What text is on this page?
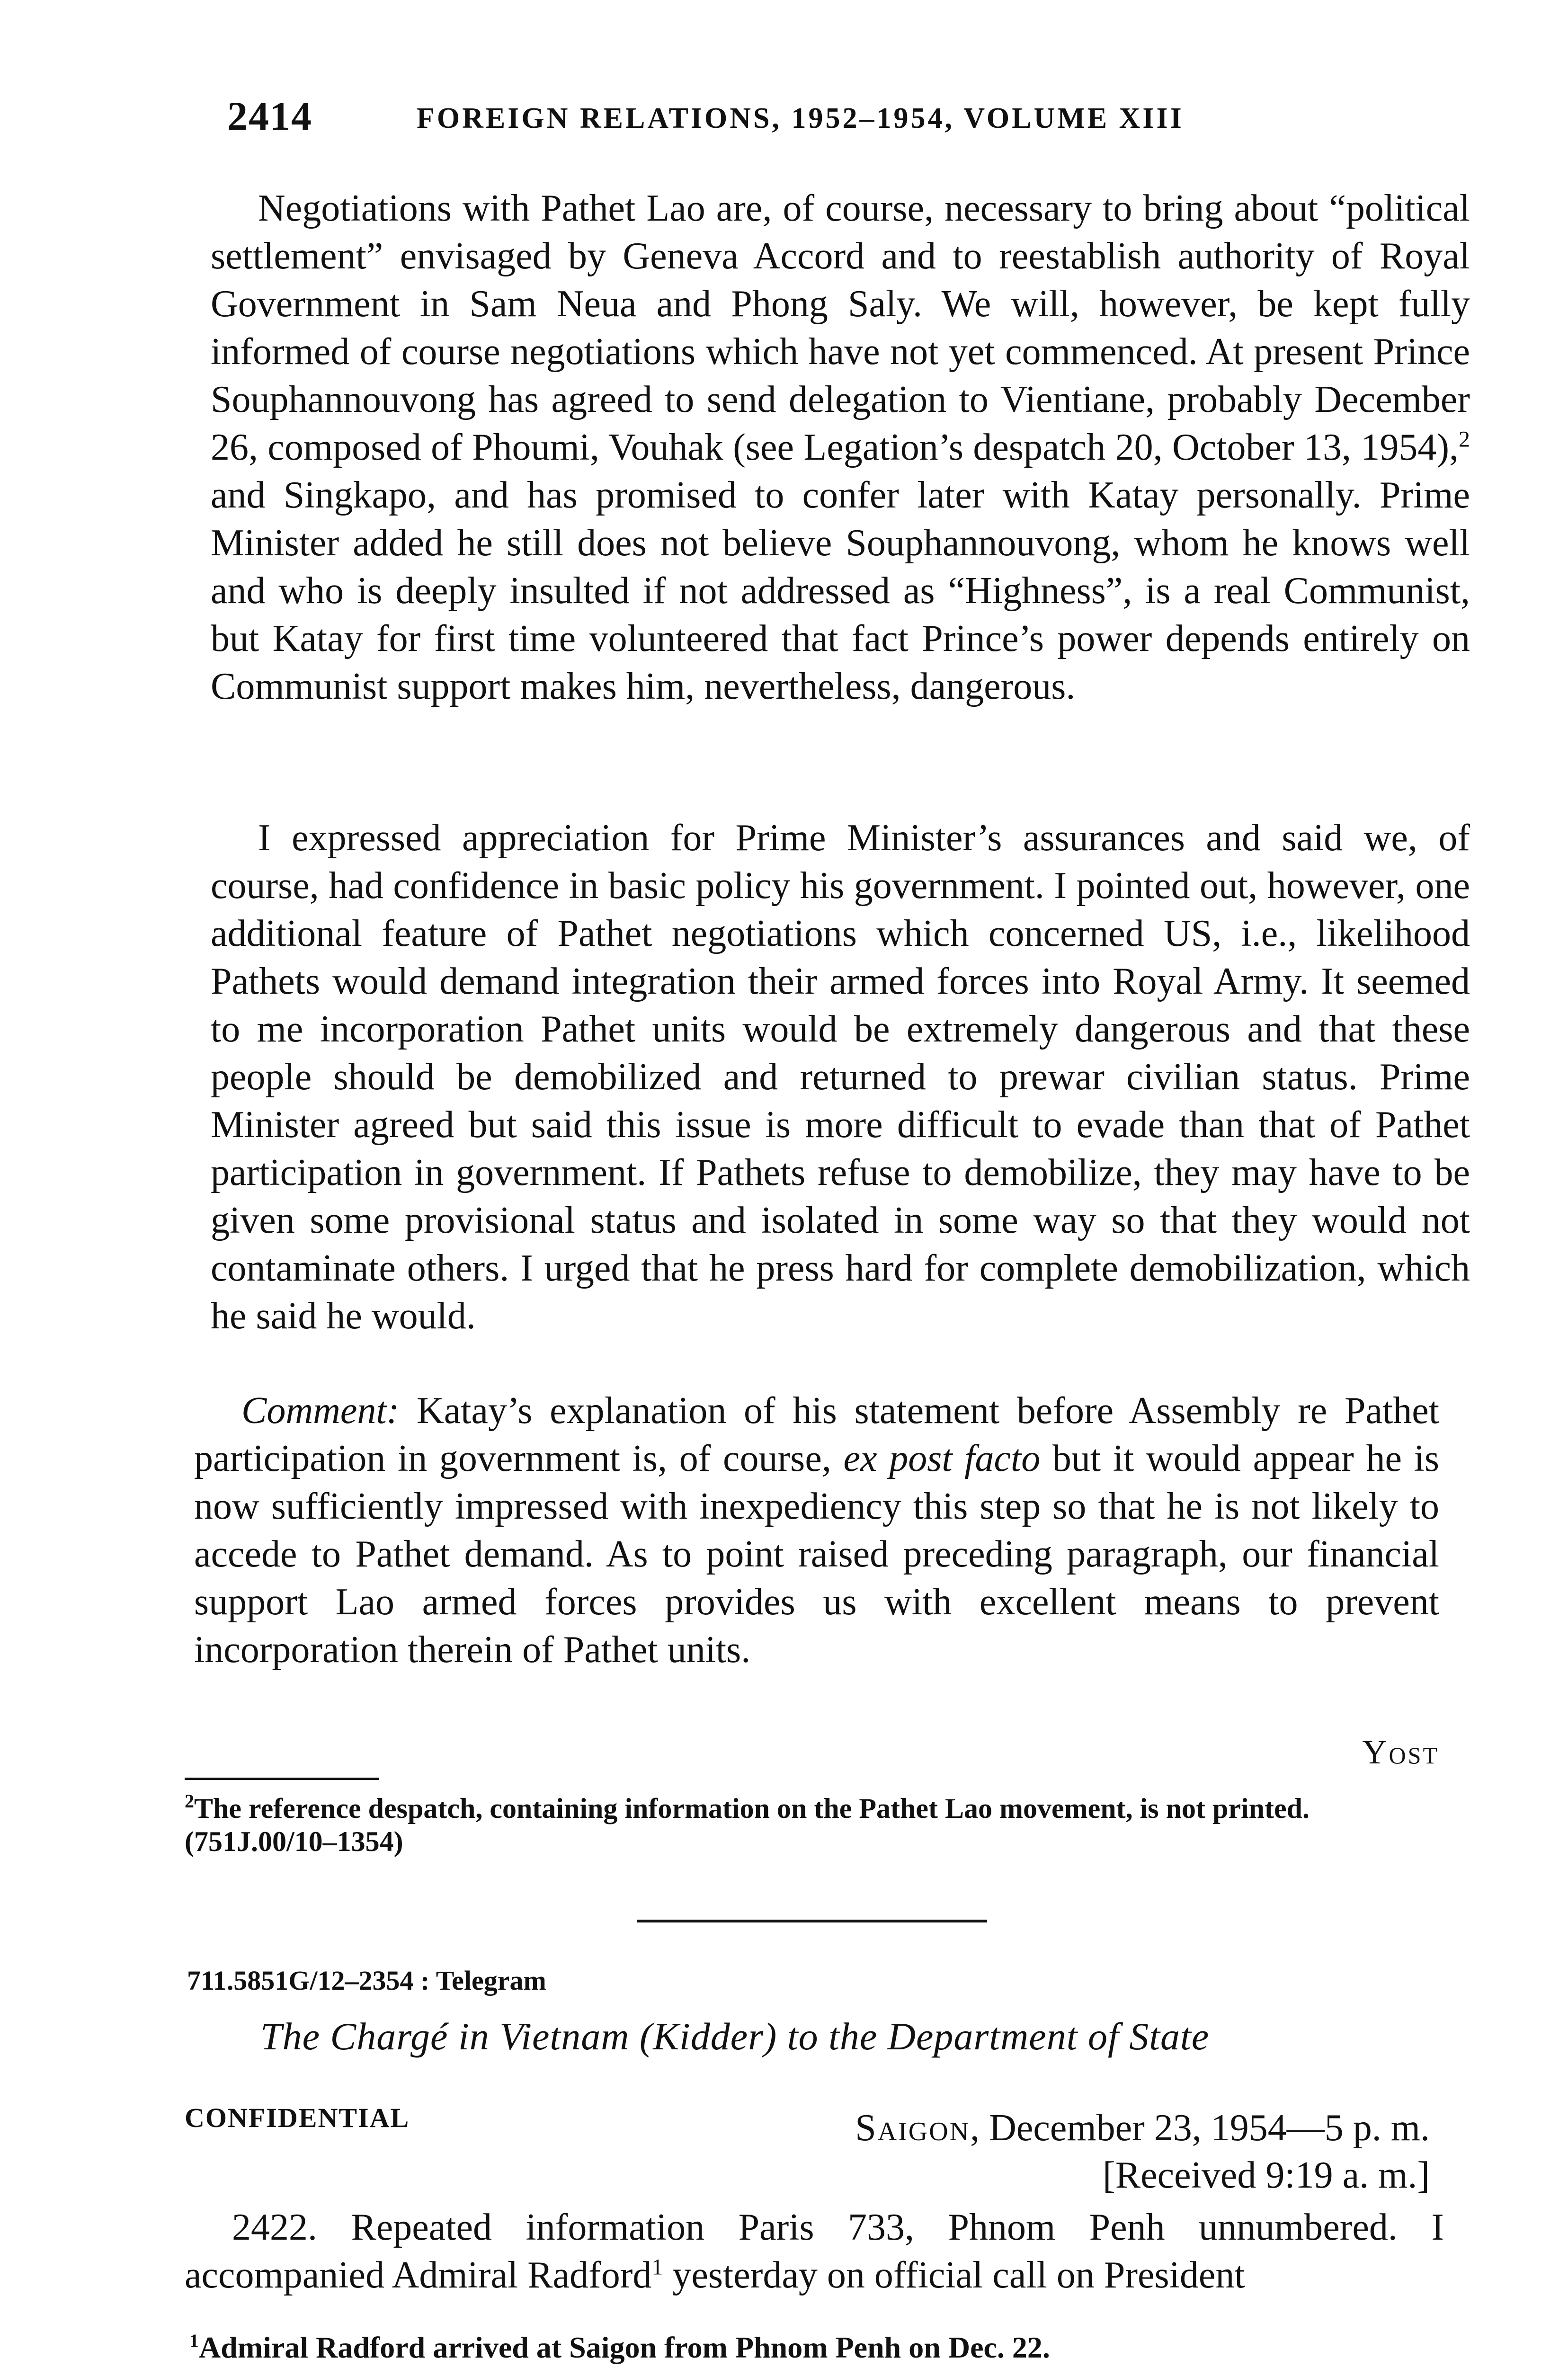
2414	FOREIGN RELATIONS, 1952–1954, VOLUME XIII

Negotiations with Pathet Lao are, of course, necessary to bring about “political settlement” envisaged by Geneva Accord and to reestablish authority of Royal Government in Sam Neua and Phong Saly. We will, however, be kept fully informed of course negotiations which have not yet commenced. At present Prince Souphannouvong has agreed to send delegation to Vientiane, probably December 26, composed of Phoumi, Vouhak (see Legation’s despatch 20, October 13, 1954),$^2$ and Singkapo, and has promised to confer later with Katay personally. Prime Minister added he still does not believe Souphannouvong, whom he knows well and who is deeply insulted if not addressed as “Highness”, is a real Communist, but Katay for first time volunteered that fact Prince’s power depends entirely on Communist support makes him, nevertheless, dangerous.

I expressed appreciation for Prime Minister’s assurances and said we, of course, had confidence in basic policy his government. I pointed out, however, one additional feature of Pathet negotiations which concerned US, i.e., likelihood Pathets would demand integration their armed forces into Royal Army. It seemed to me incorporation Pathet units would be extremely dangerous and that these people should be demobilized and returned to prewar civilian status. Prime Minister agreed but said this issue is more difficult to evade than that of Pathet participation in government. If Pathets refuse to demobilize, they may have to be given some provisional status and isolated in some way so that they would not contaminate others. I urged that he press hard for complete demobilization, which he said he would.

Comment: Katay’s explanation of his statement before Assembly re Pathet participation in government is, of course, ex post facto but it would appear he is now sufficiently impressed with inexpediency this step so that he is not likely to accede to Pathet demand. As to point raised preceding paragraph, our financial support Lao armed forces provides us with excellent means to prevent incorporation therein of Pathet units.

Yost
$^2$The reference despatch, containing information on the Pathet Lao movement, is not printed. (751J.00/10–1354)
711.5851G/12–2354 : Telegram
The Chargé in Vietnam (Kidder) to the Department of State
CONFIDENTIAL	Saigon, December 23, 1954—5 p. m.
[Received 9:19 a. m.]

2422. Repeated information Paris 733, Phnom Penh unnumbered. I accompanied Admiral Radford$^1$ yesterday on official call on President

$^1$Admiral Radford arrived at Saigon from Phnom Penh on Dec. 22.
